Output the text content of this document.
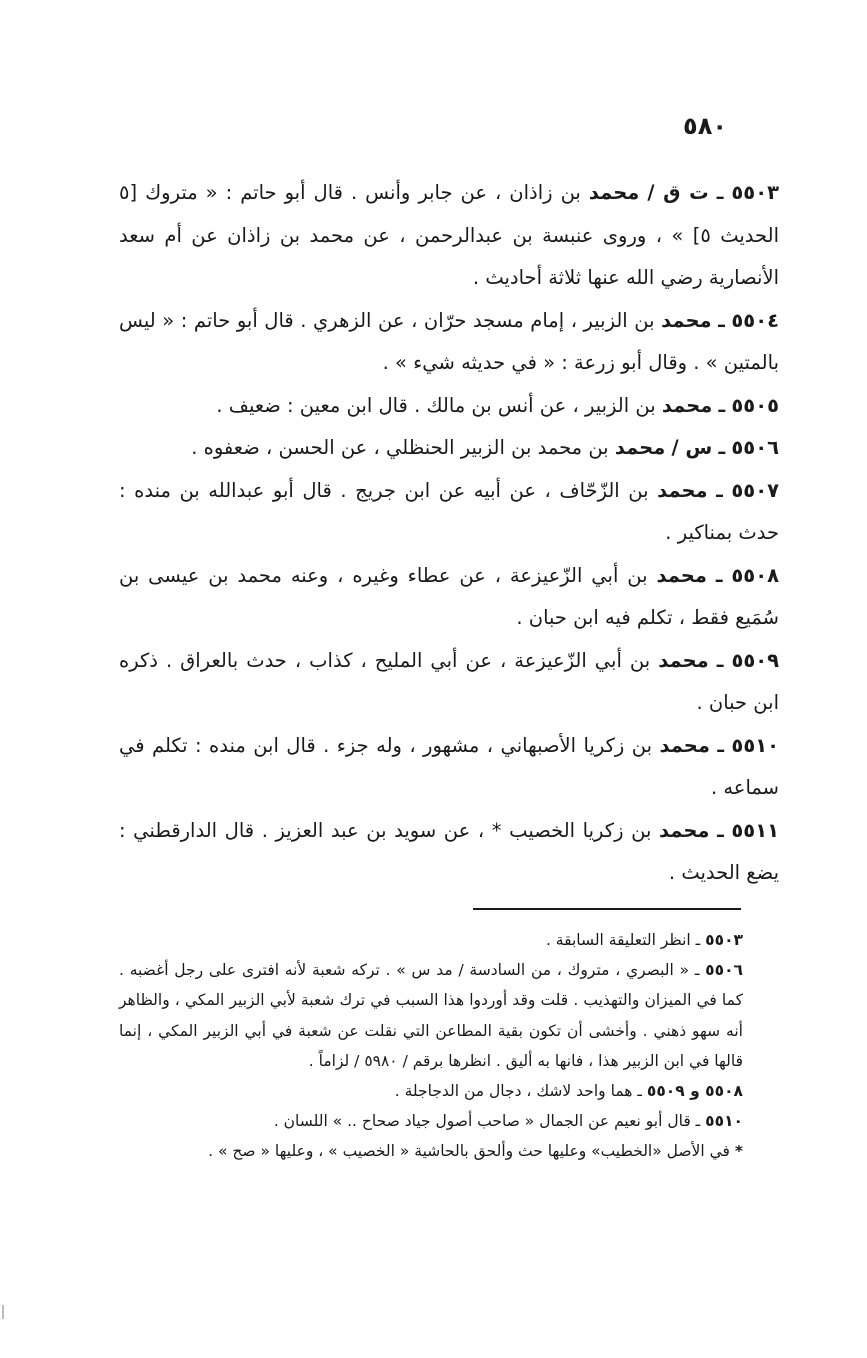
٥٨٠

٥٥٠٣ ـ ت ق / محمد بن زاذان ، عن جابر وأنس . قال أبو حاتم : « متروك [٥ الحديث ٥] » ، وروى عنبسة بن عبدالرحمن ، عن محمد بن زاذان عن أم سعد الأنصارية رضي الله عنها ثلاثة أحاديث .

٥٥٠٤ ـ محمد بن الزبير ، إمام مسجد حرّان ، عن الزهري . قال أبو حاتم : « ليس بالمتين » . وقال أبو زرعة : « في حديثه شيء » .

٥٥٠٥ ـ محمد بن الزبير ، عن أنس بن مالك . قال ابن معين : ضعيف .

٥٥٠٦ ـ س / محمد بن محمد بن الزبير الحنظلي ، عن الحسن ، ضعفوه .

٥٥٠٧ ـ محمد بن الزّحّاف ، عن أبيه عن ابن جريج . قال أبو عبدالله بن منده : حدث بمناكير .

٥٥٠٨ ـ محمد بن أبي الزّعيزعة ، عن عطاء وغيره ، وعنه محمد بن عيسى بن سُمَيع فقط ، تكلم فيه ابن حبان .

٥٥٠٩ ـ محمد بن أبي الزّعيزعة ، عن أبي المليح ، كذاب ، حدث بالعراق . ذكره ابن حبان .

٥٥١٠ ـ محمد بن زكريا الأصبهاني ، مشهور ، وله جزء . قال ابن منده : تكلم في سماعه .

٥٥١١ ـ محمد بن زكريا الخصيب * ، عن سويد بن عبد العزيز . قال الدارقطني : يضع الحديث .

٥٥٠٣ ـ انظر التعليقة السابقة .

٥٥٠٦ ـ « البصري ، متروك ، من السادسة / مد س » . تركه شعبة لأنه افترى على رجل أغضبه . كما في الميزان والتهذيب . قلت وقد أوردوا هذا السبب في ترك شعبة لأبي الزبير المكي ، والظاهر أنه سهو ذهني . وأخشى أن تكون بقية المطاعن التي نقلت عن شعبة في أبي الزبير المكي ، إنما قالها في ابن الزبير هذا ، فانها به أليق . انظرها برقم / ٥٩٨٠ / لزاماً .

٥٥٠٨ و ٥٥٠٩ ـ هما واحد لاشك ، دجال من الدجاجلة .

٥٥١٠ ـ قال أبو نعيم عن الجمال « صاحب أصول جياد صحاح .. » اللسان .

* في الأصل «الخطيب» وعليها حث وألحق بالحاشية « الخصيب » ، وعليها « صح » .
